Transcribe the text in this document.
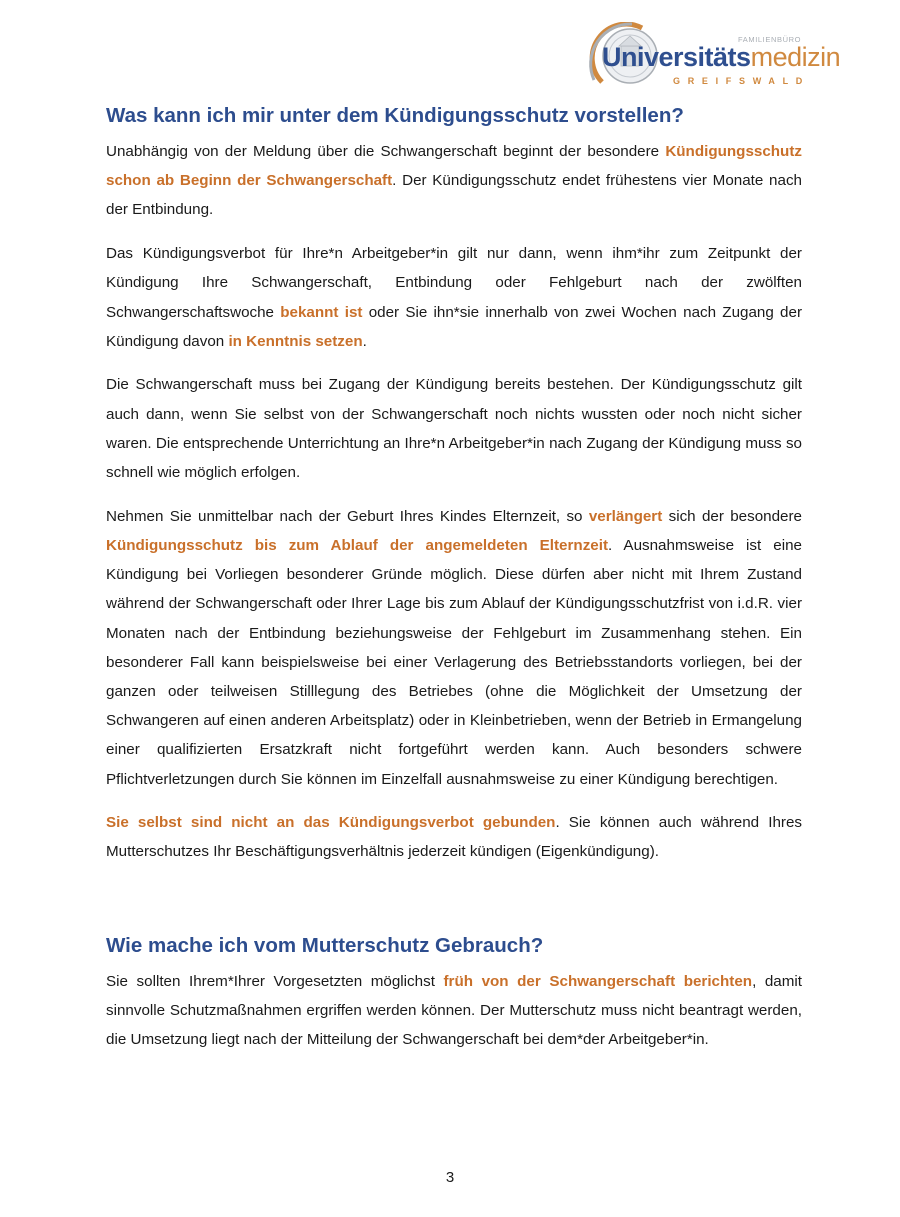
FAMILIENBÜRO
Universitätsmedizin
GREIFSWALD
Was kann ich mir unter dem Kündigungsschutz vorstellen?

Unabhängig von der Meldung über die Schwangerschaft beginnt der besondere Kündigungsschutz schon ab Beginn der Schwangerschaft. Der Kündigungsschutz endet frühestens vier Monate nach der Entbindung.

Das Kündigungsverbot für Ihre*n Arbeitgeber*in gilt nur dann, wenn ihm*ihr zum Zeitpunkt der Kündigung Ihre Schwangerschaft, Entbindung oder Fehlgeburt nach der zwölften Schwangerschaftswoche bekannt ist oder Sie ihn*sie innerhalb von zwei Wochen nach Zugang der Kündigung davon in Kenntnis setzen.

Die Schwangerschaft muss bei Zugang der Kündigung bereits bestehen. Der Kündigungsschutz gilt auch dann, wenn Sie selbst von der Schwangerschaft noch nichts wussten oder noch nicht sicher waren. Die entsprechende Unterrichtung an Ihre*n Arbeitgeber*in nach Zugang der Kündigung muss so schnell wie möglich erfolgen.

Nehmen Sie unmittelbar nach der Geburt Ihres Kindes Elternzeit, so verlängert sich der besondere Kündigungsschutz bis zum Ablauf der angemeldeten Elternzeit. Ausnahmsweise ist eine Kündigung bei Vorliegen besonderer Gründe möglich. Diese dürfen aber nicht mit Ihrem Zustand während der Schwangerschaft oder Ihrer Lage bis zum Ablauf der Kündigungsschutzfrist von i.d.R. vier Monaten nach der Entbindung beziehungsweise der Fehlgeburt im Zusammenhang stehen. Ein besonderer Fall kann beispielsweise bei einer Verlagerung des Betriebsstandorts vorliegen, bei der ganzen oder teilweisen Stilllegung des Betriebes (ohne die Möglichkeit der Umsetzung der Schwangeren auf einen anderen Arbeitsplatz) oder in Kleinbetrieben, wenn der Betrieb in Ermangelung einer qualifizierten Ersatzkraft nicht fortgeführt werden kann. Auch besonders schwere Pflichtverletzungen durch Sie können im Einzelfall ausnahmsweise zu einer Kündigung berechtigen.

Sie selbst sind nicht an das Kündigungsverbot gebunden. Sie können auch während Ihres Mutterschutzes Ihr Beschäftigungsverhältnis jederzeit kündigen (Eigenkündigung).

Wie mache ich vom Mutterschutz Gebrauch?

Sie sollten Ihrem*Ihrer Vorgesetzten möglichst früh von der Schwangerschaft berichten, damit sinnvolle Schutzmaßnahmen ergriffen werden können. Der Mutterschutz muss nicht beantragt werden, die Umsetzung liegt nach der Mitteilung der Schwangerschaft bei dem*der Arbeitgeber*in.

3
